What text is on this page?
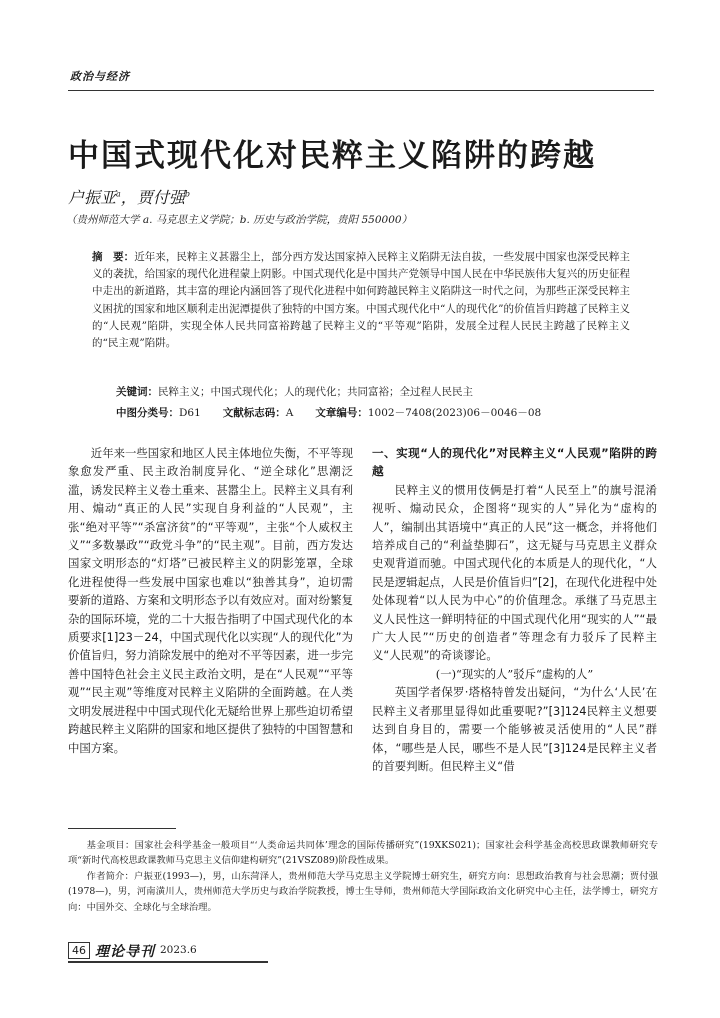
政治与经济
中国式现代化对民粹主义陷阱的跨越
户振亚$^a$，贾付强$^b$
（贵州师范大学 a. 马克思主义学院；b. 历史与政治学院，贵阳 550000）
摘　要：近年来，民粹主义甚嚣尘上，部分西方发达国家掉入民粹主义陷阱无法自拔，一些发展中国家也深受民粹主义的袭扰，给国家的现代化进程蒙上阴影。中国式现代化是中国共产党领导中国人民在中华民族伟大复兴的历史征程中走出的新道路，其丰富的理论内涵回答了现代化进程中如何跨越民粹主义陷阱这一时代之问，为那些正深受民粹主义困扰的国家和地区顺利走出泥潭提供了独特的中国方案。中国式现代化中“人的现代化”的价值旨归跨越了民粹主义的“人民观”陷阱，实现全体人民共同富裕跨越了民粹主义的“平等观”陷阱，发展全过程人民民主跨越了民粹主义的“民主观”陷阱。
关键词：民粹主义；中国式现代化；人的现代化；共同富裕；全过程人民民主
中图分类号：D61 文献标志码：A 文章编号：1002－7408(2023)06－0046－08
近年来一些国家和地区人民主体地位失衡，不平等现象愈发严重、民主政治制度异化、“逆全球化”思潮泛滥，诱发民粹主义卷土重来、甚嚣尘上。民粹主义具有利用、煽动“真正的人民”实现自身利益的“人民观”，主张“绝对平等”“杀富济贫”的“平等观”，主张“个人威权主义”“多数暴政”“政党斗争”的“民主观”。目前，西方发达国家文明形态的“灯塔”已被民粹主义的阴影笼罩，全球化进程使得一些发展中国家也难以“独善其身”，迫切需要新的道路、方案和文明形态予以有效应对。面对纷繁复杂的国际环境，党的二十大报告指明了中国式现代化的本质要求[1]23－24，中国式现代化以实现“人的现代化”为价值旨归，努力消除发展中的绝对不平等因素，进一步完善中国特色社会主义民主政治文明，是在“人民观”“平等观”“民主观”等维度对民粹主义陷阱的全面跨越。在人类文明发展进程中中国式现代化无疑给世界上那些迫切希望跨越民粹主义陷阱的国家和地区提供了独特的中国智慧和中国方案。
一、实现“人的现代化”对民粹主义“人民观”陷阱的跨越

民粹主义的惯用伎俩是打着“人民至上”的旗号混淆视听、煽动民众，企图将“现实的人”异化为“虚构的人”，编制出其语境中“真正的人民”这一概念，并将他们培养成自己的“利益垫脚石”，这无疑与马克思主义群众史观背道而驰。中国式现代化的本质是人的现代化，“人民是逻辑起点，人民是价值旨归”[2]，在现代化进程中处处体现着“以人民为中心”的价值理念。承继了马克思主义人民性这一鲜明特征的中国式现代化用“现实的人”“最广大人民”“历史的创造者”等理念有力驳斥了民粹主义“人民观”的奇谈谬论。

(一)“现实的人”驳斥“虚构的人”

英国学者保罗·塔格特曾发出疑问，“为什么‘人民’在民粹主义者那里显得如此重要呢?”[3]124民粹主义想要达到自身目的，需要一个能够被灵活使用的“人民”群体，“哪些是人民，哪些不是人民”[3]124是民粹主义者的首要判断。但民粹主义“借

基金项目：国家社会科学基金一般项目“‘人类命运共同体’理念的国际传播研究”(19XKS021)；国家社会科学基金高校思政课教师研究专项“新时代高校思政课教师马克思主义信仰建构研究”(21VSZ089)阶段性成果。

作者简介：户振亚(1993—)，男，山东菏泽人，贵州师范大学马克思主义学院博士研究生，研究方向：思想政治教育与社会思潮；贾付强(1978—)，男，河南潢川人，贵州师范大学历史与政治学院教授，博士生导师，贵州师范大学国际政治文化研究中心主任，法学博士，研究方向：中国外交、全球化与全球治理。

46 理论导刊 2023.6
